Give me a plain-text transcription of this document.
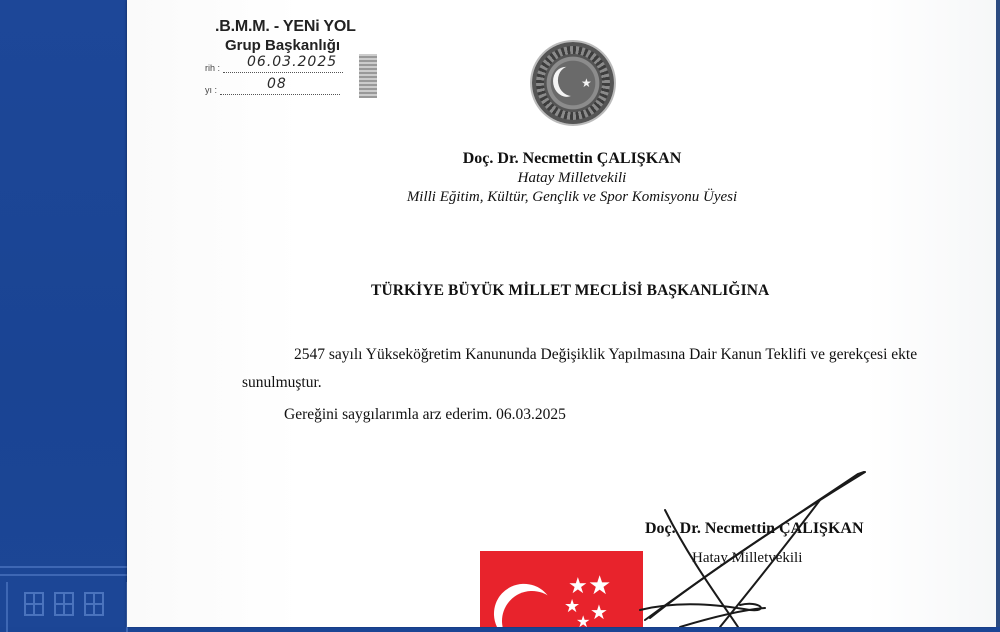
.B.M.M. - YENi YOL
Grup Başkanlığı
rih :	06.03.2025
yı :	08	★
Doç. Dr. Necmettin ÇALIŞKAN
Hatay Milletvekili
Milli Eğitim, Kültür, Gençlik ve Spor Komisyonu Üyesi
TÜRKİYE BÜYÜK MİLLET MECLİSİ BAŞKANLIĞINA
2547 sayılı Yükseköğretim Kanununda Değişiklik Yapılmasına Dair Kanun Teklifi ve gerekçesi ekte sunulmuştur.
Gereğini saygılarımla arz ederim. 06.03.2025
★ ★
★ ★
★
Doç. Dr. Necmettin ÇALIŞKAN
Hatay Milletvekili
